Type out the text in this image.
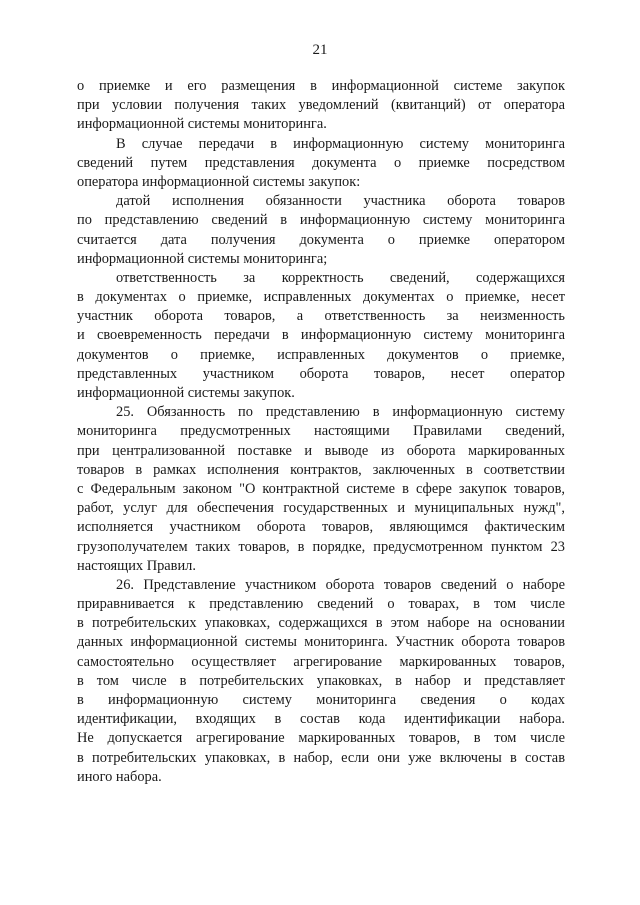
21
о приемке и его размещения в информационной системе закупок
при условии получения таких уведомлений (квитанций) от оператора
информационной системы мониторинга.
В случае передачи в информационную систему мониторинга
сведений путем представления документа о приемке посредством
оператора информационной системы закупок:
датой исполнения обязанности участника оборота товаров
по представлению сведений в информационную систему мониторинга
считается дата получения документа о приемке оператором
информационной системы мониторинга;
ответственность за корректность сведений, содержащихся
в документах о приемке, исправленных документах о приемке, несет
участник оборота товаров, а ответственность за неизменность
и своевременность передачи в информационную систему мониторинга
документов о приемке, исправленных документов о приемке,
представленных участником оборота товаров, несет оператор
информационной системы закупок.
25. Обязанность по представлению в информационную систему
мониторинга предусмотренных настоящими Правилами сведений,
при централизованной поставке и выводе из оборота маркированных
товаров в рамках исполнения контрактов, заключенных в соответствии
с Федеральным законом "О контрактной системе в сфере закупок товаров,
работ, услуг для обеспечения государственных и муниципальных нужд",
исполняется участником оборота товаров, являющимся фактическим
грузополучателем таких товаров, в порядке, предусмотренном пунктом 23
настоящих Правил.
26. Представление участником оборота товаров сведений о наборе
приравнивается к представлению сведений о товарах, в том числе
в потребительских упаковках, содержащихся в этом наборе на основании
данных информационной системы мониторинга. Участник оборота товаров
самостоятельно осуществляет агрегирование маркированных товаров,
в том числе в потребительских упаковках, в набор и представляет
в информационную систему мониторинга сведения о кодах
идентификации, входящих в состав кода идентификации набора.
Не допускается агрегирование маркированных товаров, в том числе
в потребительских упаковках, в набор, если они уже включены в состав
иного набора.
